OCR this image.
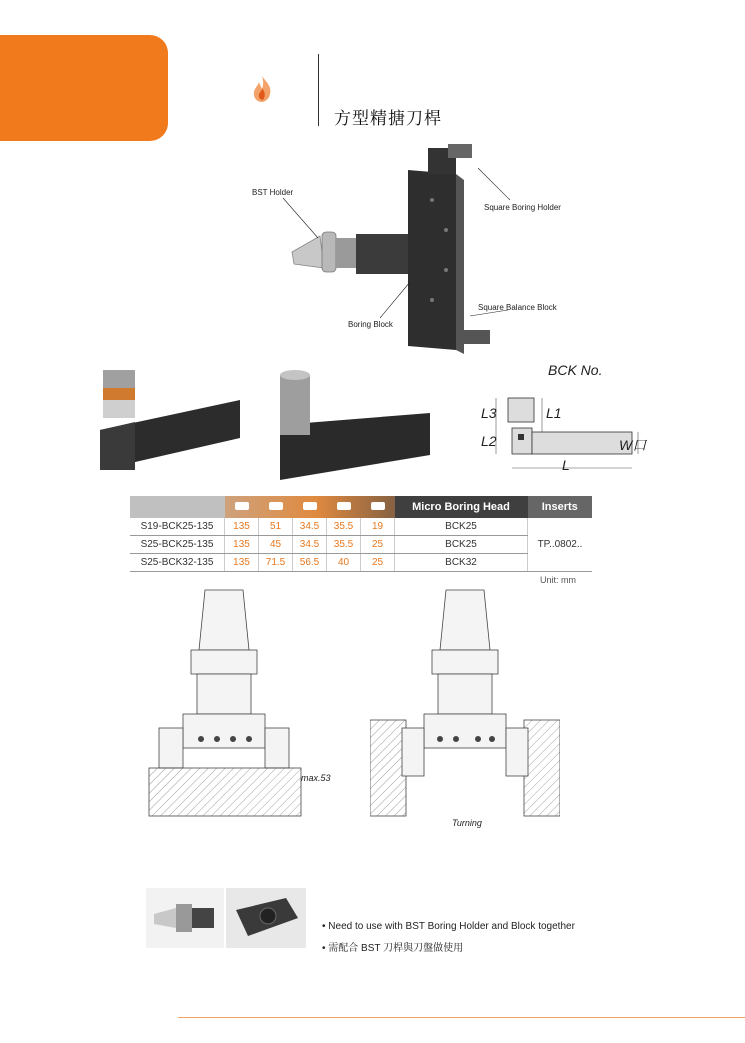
方型精搪刀桿
BST Holder
Square Boring Holder
Boring Block
Square Balance Block
BCK No.
L3	L1
L2	W口
L
						Micro Boring Head	Inserts
S19-BCK25-135	135	51	34.5	35.5	19	BCK25	TP..0802..
S25-BCK25-135	135	45	34.5	35.5	25	BCK25	
S25-BCK32-135	135	71.5	56.5	40	25	BCK32	
Unit: mm
max.53
Turning
• Need to use with BST Boring Holder and Block together
• 需配合 BST 刀桿與刀盤做使用
